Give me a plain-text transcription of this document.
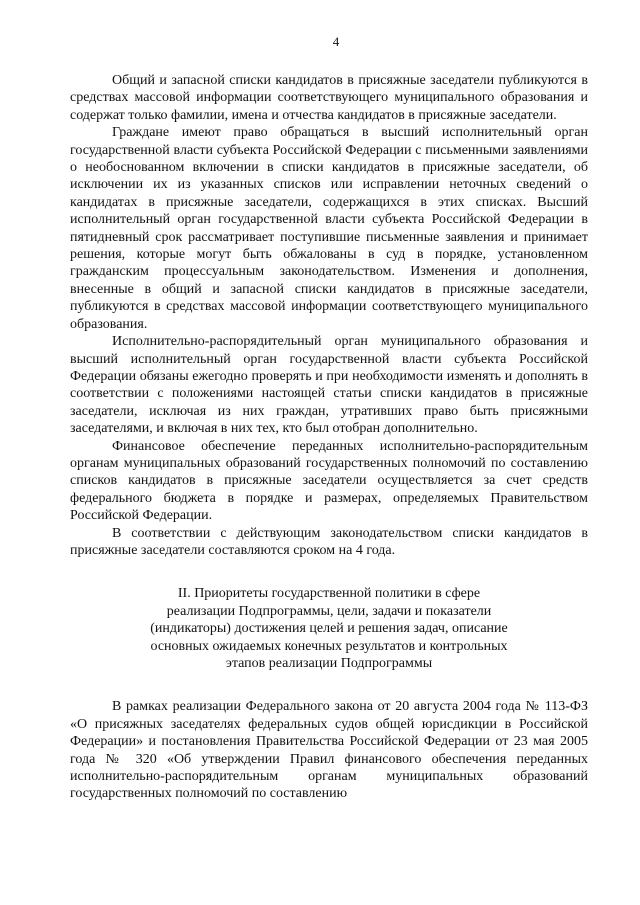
4

Общий и запасной списки кандидатов в присяжные заседатели публикуются в средствах массовой информации соответствующего муниципального образования и содержат только фамилии, имена и отчества кандидатов в присяжные заседатели.

Граждане имеют право обращаться в высший исполнительный орган государственной власти субъекта Российской Федерации с письменными заявлениями о необоснованном включении в списки кандидатов в присяжные заседатели, об исключении их из указанных списков или исправлении неточных сведений о кандидатах в присяжные заседатели, содержащихся в этих списках. Высший исполнительный орган государственной власти субъекта Российской Федерации в пятидневный срок рассматривает поступившие письменные заявления и принимает решения, которые могут быть обжалованы в суд в порядке, установленном гражданским процессуальным законодательством. Изменения и дополнения, внесенные в общий и запасной списки кандидатов в присяжные заседатели, публикуются в средствах массовой информации соответствующего муниципального образования.

Исполнительно-распорядительный орган муниципального образования и высший исполнительный орган государственной власти субъекта Российской Федерации обязаны ежегодно проверять и при необходимости изменять и дополнять в соответствии с положениями настоящей статьи списки кандидатов в присяжные заседатели, исключая из них граждан, утративших право быть присяжными заседателями, и включая в них тех, кто был отобран дополнительно.

Финансовое обеспечение переданных исполнительно-распорядительным органам муниципальных образований государственных полномочий по составлению списков кандидатов в присяжные заседатели осуществляется за счет средств федерального бюджета в порядке и размерах, определяемых Правительством Российской Федерации.

В соответствии с действующим законодательством списки кандидатов в присяжные заседатели составляются сроком на 4 года.

II. Приоритеты государственной политики в сфере
реализации Подпрограммы, цели, задачи и показатели
(индикаторы) достижения целей и решения задач, описание
основных ожидаемых конечных результатов и контрольных
этапов реализации Подпрограммы

В рамках реализации Федерального закона от 20 августа 2004 года № 113-ФЗ «О присяжных заседателях федеральных судов общей юрисдикции в Российской Федерации» и постановления Правительства Российской Федерации от 23 мая 2005 года № 320 «Об утверждении Правил финансового обеспечения переданных исполнительно-распорядительным органам муниципальных образований государственных полномочий по составлению
